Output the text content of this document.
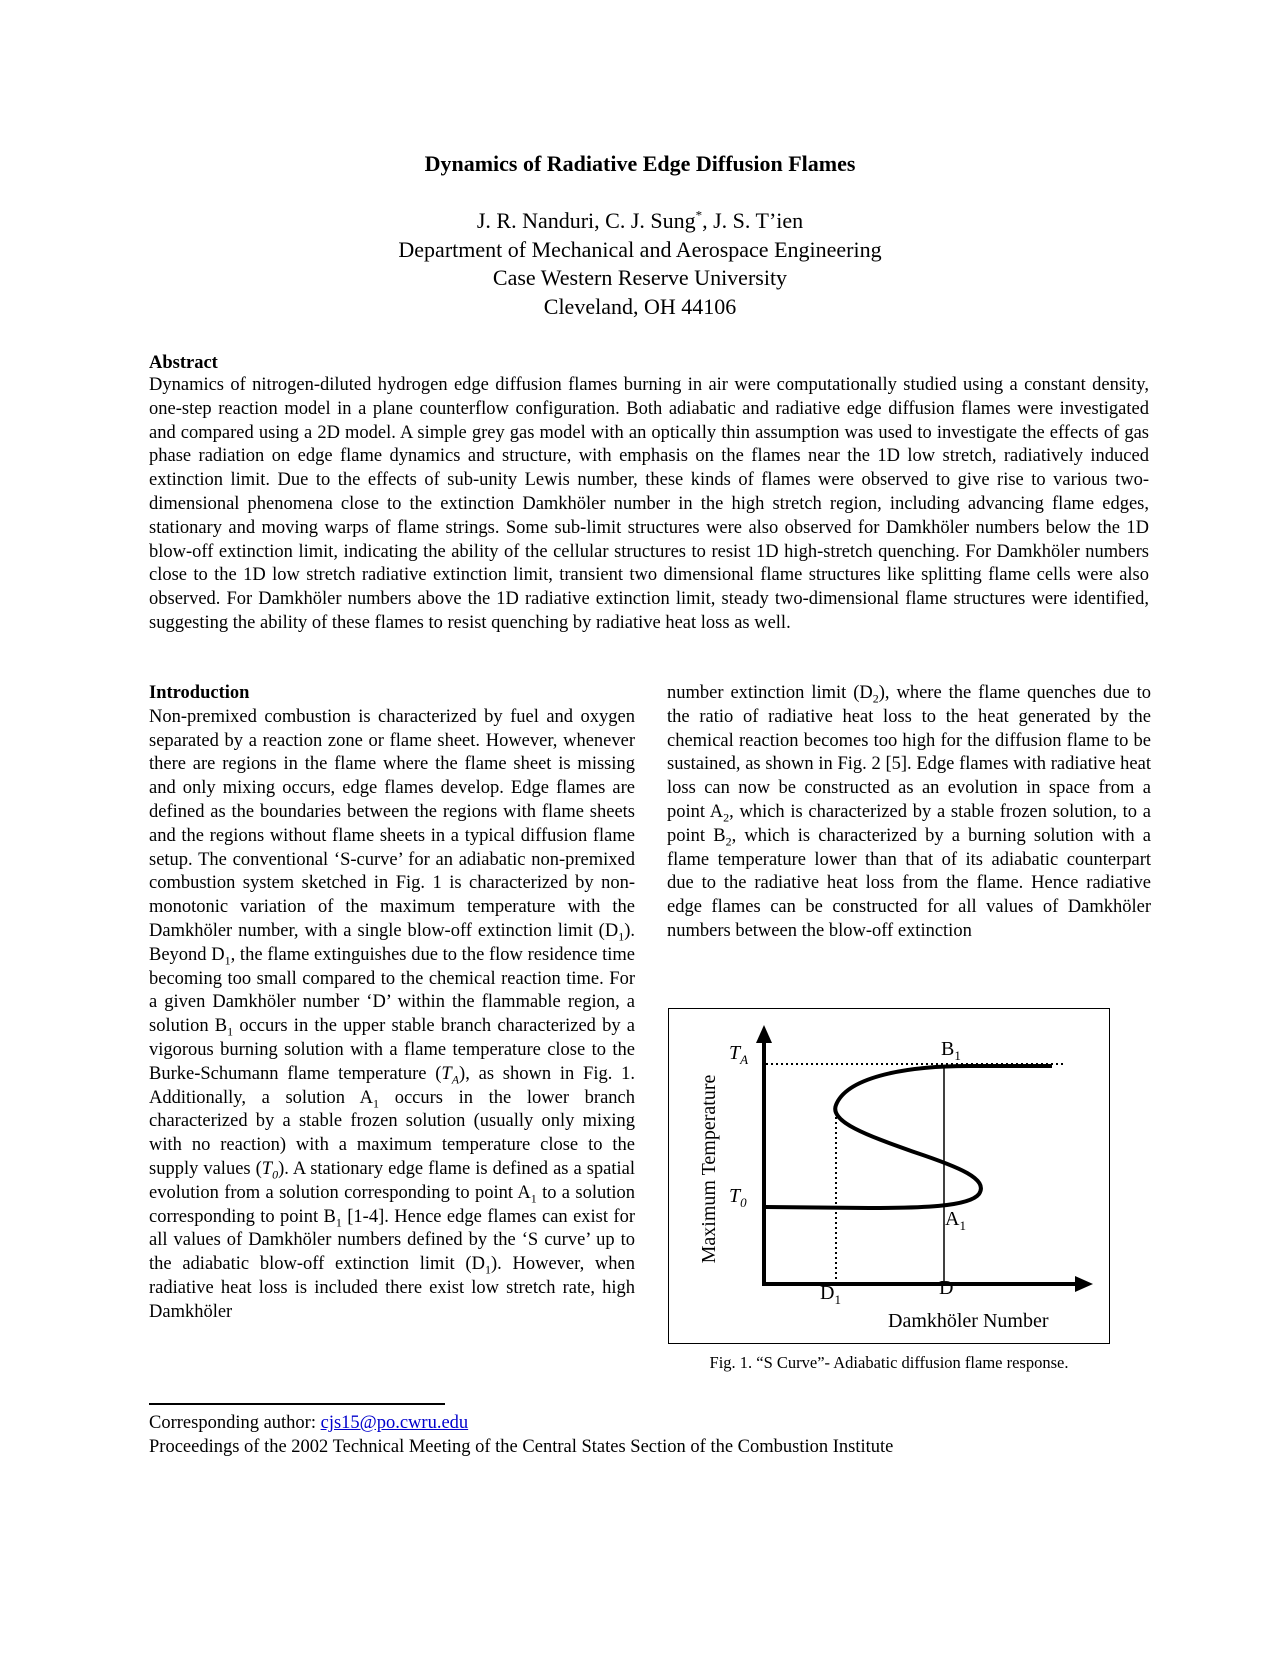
Dynamics of Radiative Edge Diffusion Flames
J. R. Nanduri, C. J. Sung*, J. S. T’ien
Department of Mechanical and Aerospace Engineering
Case Western Reserve University
Cleveland, OH 44106
Abstract
Dynamics of nitrogen-diluted hydrogen edge diffusion flames burning in air were computationally studied using a constant density, one-step reaction model in a plane counterflow configuration. Both adiabatic and radiative edge diffusion flames were investigated and compared using a 2D model. A simple grey gas model with an optically thin assumption was used to investigate the effects of gas phase radiation on edge flame dynamics and structure, with emphasis on the flames near the 1D low stretch, radiatively induced extinction limit. Due to the effects of sub-unity Lewis number, these kinds of flames were observed to give rise to various two-dimensional phenomena close to the extinction Damkhöler number in the high stretch region, including advancing flame edges, stationary and moving warps of flame strings. Some sub-limit structures were also observed for Damkhöler numbers below the 1D blow-off extinction limit, indicating the ability of the cellular structures to resist 1D high-stretch quenching. For Damkhöler numbers close to the 1D low stretch radiative extinction limit, transient two dimensional flame structures like splitting flame cells were also observed. For Damkhöler numbers above the 1D radiative extinction limit, steady two-dimensional flame structures were identified, suggesting the ability of these flames to resist quenching by radiative heat loss as well.
Introduction
Non-premixed combustion is characterized by fuel and oxygen separated by a reaction zone or flame sheet. However, whenever there are regions in the flame where the flame sheet is missing and only mixing occurs, edge flames develop. Edge flames are defined as the boundaries between the regions with flame sheets and the regions without flame sheets in a typical diffusion flame setup. The conventional ‘S-curve’ for an adiabatic non-premixed combustion system sketched in Fig. 1 is characterized by non-monotonic variation of the maximum temperature with the Damkhöler number, with a single blow-off extinction limit $(D_1)$. Beyond $D_1$, the flame extinguishes due to the flow residence time becoming too small compared to the chemical reaction time. For a given Damkhöler number ‘D’ within the flammable region, a solution $B_1$ occurs in the upper stable branch characterized by a vigorous burning solution with a flame temperature close to the Burke-Schumann flame temperature $(T_A)$, as shown in Fig. 1. Additionally, a solution $A_1$ occurs in the lower branch characterized by a stable frozen solution (usually only mixing with no reaction) with a maximum temperature close to the supply values $(T_0)$. A stationary edge flame is defined as a spatial evolution from a solution corresponding to point $A_1$ to a solution corresponding to point $B_1$ [1-4]. Hence edge flames can exist for all values of Damkhöler numbers defined by the ‘S curve’ up to the adiabatic blow-off extinction limit $(D_1)$. However, when radiative heat loss is included there exist low stretch rate, high Damkhöler
number extinction limit $(D_2)$, where the flame quenches due to the ratio of radiative heat loss to the heat generated by the chemical reaction becomes too high for the diffusion flame to be sustained, as shown in Fig. 2 [5]. Edge flames with radiative heat loss can now be constructed as an evolution in space from a point $A_2$, which is characterized by a stable frozen solution, to a point $B_2$, which is characterized by a burning solution with a flame temperature lower than that of its adiabatic counterpart due to the radiative heat loss from the flame. Hence radiative edge flames can be constructed for all values of Damkhöler numbers between the blow-off extinction
$T_A$
$T_0$
$B_1$
$A_1$
$D_1$
D
Damkhöler Number
Maximum Temperature
Fig. 1. “S Curve”- Adiabatic diffusion flame response.
Corresponding author: cjs15@po.cwru.edu
Proceedings of the 2002 Technical Meeting of the Central States Section of the Combustion Institute
